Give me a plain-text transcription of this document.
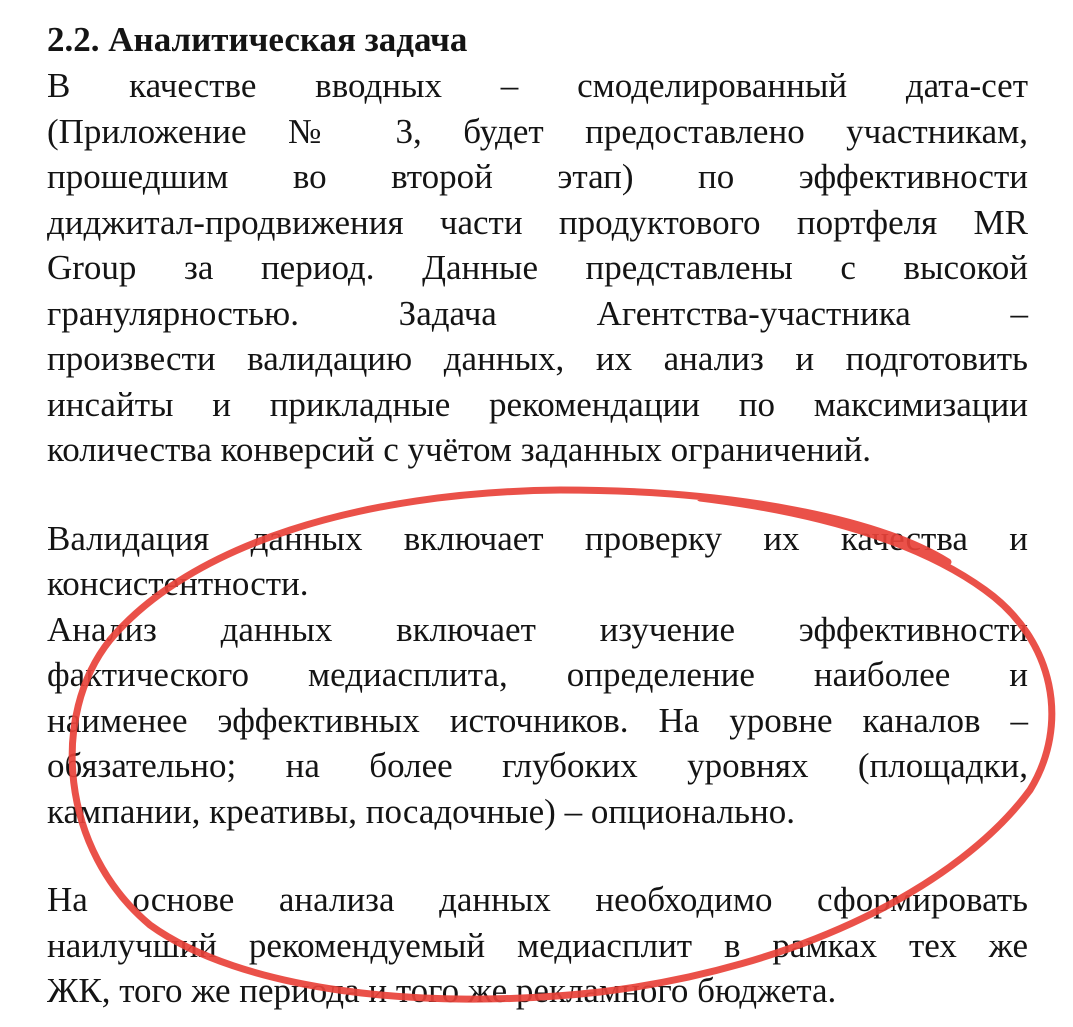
2.2. Аналитическая задача
В качестве вводных – смоделированный дата-сет
(Приложение № 3, будет предоставлено участникам,
прошедшим во второй этап) по эффективности
диджитал-продвижения части продуктового портфеля MR
Group за период. Данные представлены с высокой
гранулярностью. Задача Агентства-участника –
произвести валидацию данных, их анализ и подготовить
инсайты и прикладные рекомендации по максимизации
количества конверсий с учётом заданных ограничений.
Валидация данных включает проверку их качества и
консистентности.
Анализ данных включает изучение эффективности
фактического медиасплита, определение наиболее и
наименее эффективных источников. На уровне каналов –
обязательно; на более глубоких уровнях (площадки,
кампании, креативы, посадочные) – опционально.
На основе анализа данных необходимо сформировать
наилучший рекомендуемый медиасплит в рамках тех же
ЖК, того же периода и того же рекламного бюджета.
